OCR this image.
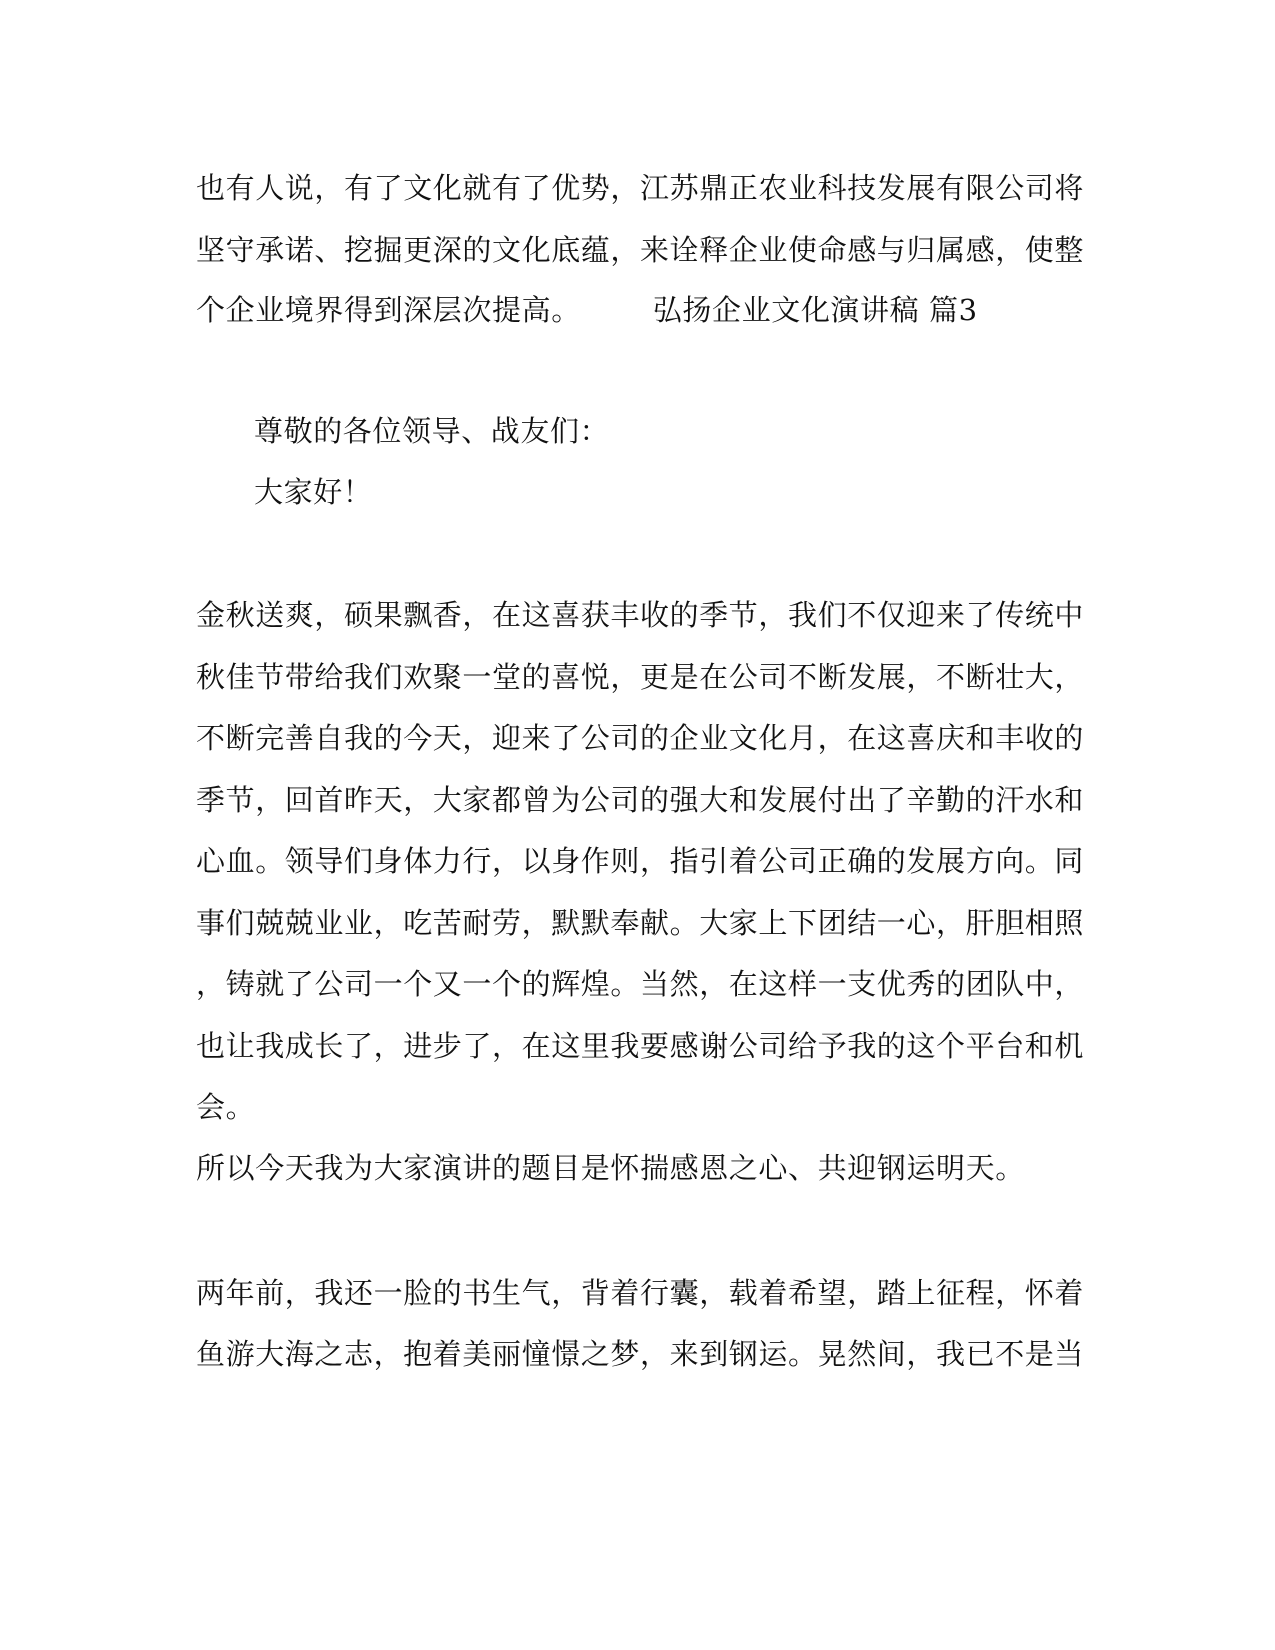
也有人说，有了文化就有了优势，江苏鼎正农业科技发展有限公司将
坚守承诺、挖掘更深的文化底蕴，来诠释企业使命感与归属感，使整
个企业境界得到深层次提高。 弘扬企业文化演讲稿 篇3
尊敬的各位领导、战友们：
大家好！
金秋送爽，硕果飘香，在这喜获丰收的季节，我们不仅迎来了传统中
秋佳节带给我们欢聚一堂的喜悦，更是在公司不断发展，不断壮大，
不断完善自我的今天，迎来了公司的企业文化月，在这喜庆和丰收的
季节，回首昨天，大家都曾为公司的强大和发展付出了辛勤的汗水和
心血。领导们身体力行，以身作则，指引着公司正确的发展方向。同
事们兢兢业业，吃苦耐劳，默默奉献。大家上下团结一心，肝胆相照
，铸就了公司一个又一个的辉煌。当然，在这样一支优秀的团队中，
也让我成长了，进步了，在这里我要感谢公司给予我的这个平台和机
会。
所以今天我为大家演讲的题目是怀揣感恩之心、共迎钢运明天。
两年前，我还一脸的书生气，背着行囊，载着希望，踏上征程，怀着
鱼游大海之志，抱着美丽憧憬之梦，来到钢运。晃然间，我已不是当
